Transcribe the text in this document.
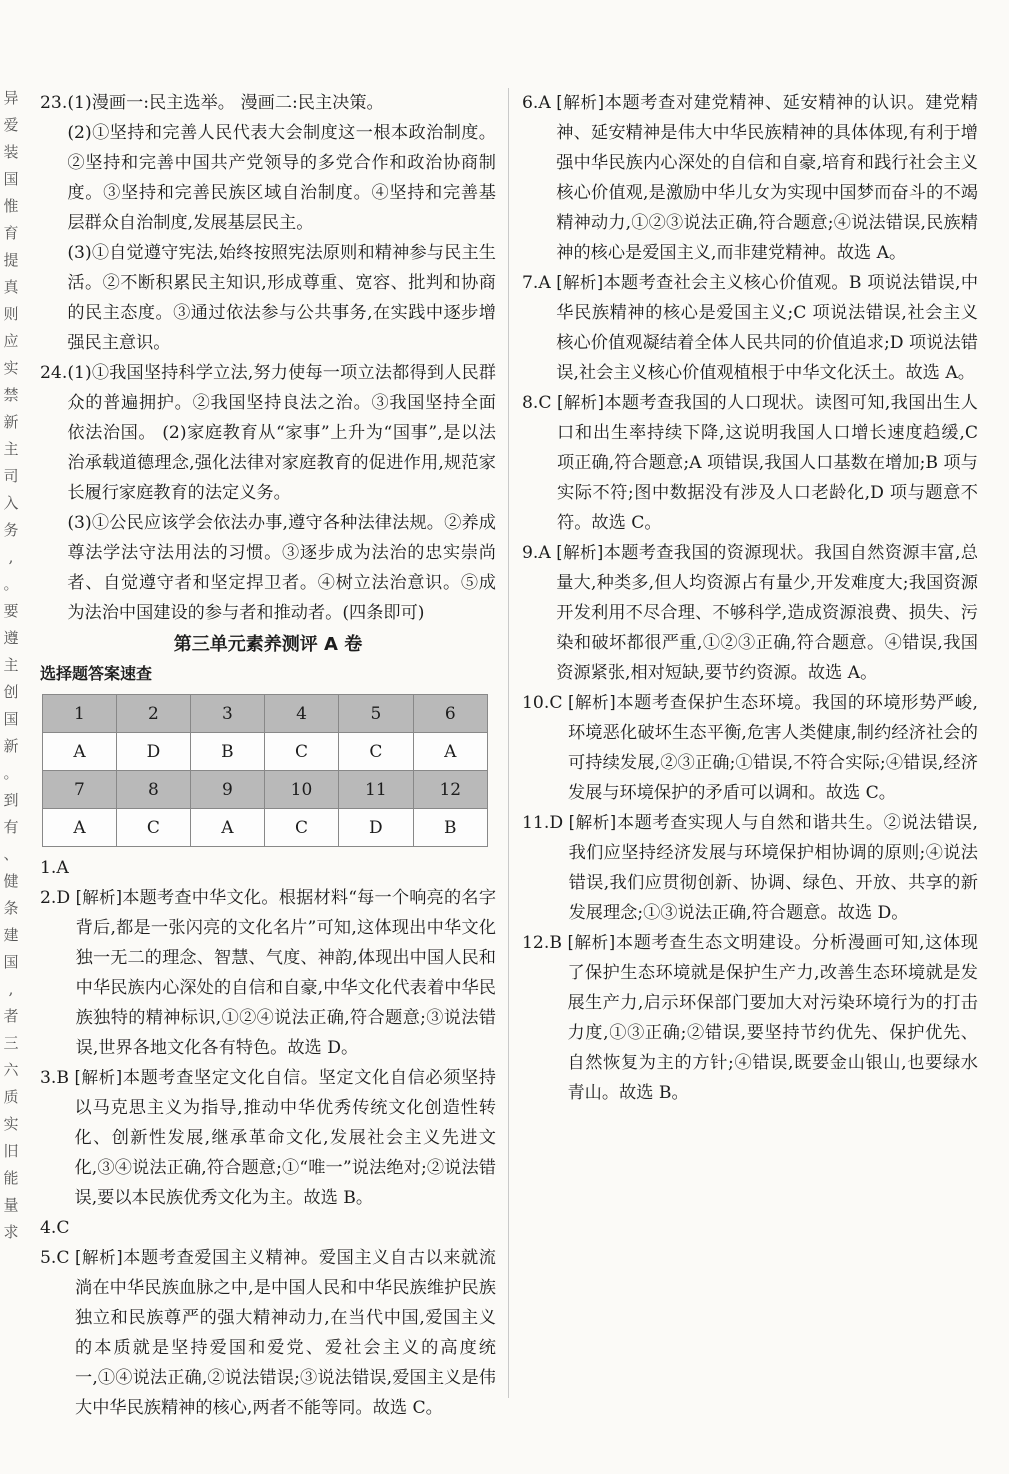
异
爱
装
国
惟
育
提
真
则
应
实
禁
新
主
司
入
务
,
。
要
遵
主
创
国
新
。
到
有
、
健
条
建
国
,
者
三
六
质
实
旧
能
量
求
23. (1)漫画一:民主选举。 漫画二:民主决策。

(2)①坚持和完善人民代表大会制度这一根本政治制度。②坚持和完善中国共产党领导的多党合作和政治协商制度。③坚持和完善民族区域自治制度。④坚持和完善基层群众自治制度,发展基层民主。

(3)①自觉遵守宪法,始终按照宪法原则和精神参与民主生活。②不断积累民主知识,形成尊重、宽容、批判和协商的民主态度。③通过依法参与公共事务,在实践中逐步增强民主意识。

24. (1)①我国坚持科学立法,努力使每一项立法都得到人民群众的普遍拥护。②我国坚持良法之治。③我国坚持全面依法治国。 (2)家庭教育从“家事”上升为“国事”,是以法治承载道德理念,强化法律对家庭教育的促进作用,规范家长履行家庭教育的法定义务。

(3)①公民应该学会依法办事,遵守各种法律法规。②养成尊法学法守法用法的习惯。③逐步成为法治的忠实崇尚者、自觉遵守者和坚定捍卫者。④树立法治意识。⑤成为法治中国建设的参与者和推动者。(四条即可)

第三单元素养测评 A 卷

选择题答案速查

1	2	3	4	5	6
A	D	B	C	C	A
7	8	9	10	11	12
A	C	A	C	D	B
1.A
2.D [解析]本题考查中华文化。根据材料“每一个响亮的名字背后,都是一张闪亮的文化名片”可知,这体现出中华文化独一无二的理念、智慧、气度、神韵,体现出中国人民和中华民族内心深处的自信和自豪,中华文化代表着中华民族独特的精神标识,①②④说法正确,符合题意;③说法错误,世界各地文化各有特色。故选 D。
3.B [解析]本题考查坚定文化自信。坚定文化自信必须坚持以马克思主义为指导,推动中华优秀传统文化创造性转化、创新性发展,继承革命文化,发展社会主义先进文化,③④说法正确,符合题意;①“唯一”说法绝对;②说法错误,要以本民族优秀文化为主。故选 B。
4.C
5.C [解析]本题考查爱国主义精神。爱国主义自古以来就流淌在中华民族血脉之中,是中国人民和中华民族维护民族独立和民族尊严的强大精神动力,在当代中国,爱国主义的本质就是坚持爱国和爱党、爱社会主义的高度统一,①④说法正确,②说法错误;③说法错误,爱国主义是伟大中华民族精神的核心,两者不能等同。故选 C。
6.A [解析]本题考查对建党精神、延安精神的认识。建党精神、延安精神是伟大中华民族精神的具体体现,有利于增强中华民族内心深处的自信和自豪,培育和践行社会主义核心价值观,是激励中华儿女为实现中国梦而奋斗的不竭精神动力,①②③说法正确,符合题意;④说法错误,民族精神的核心是爱国主义,而非建党精神。故选 A。
7.A [解析]本题考查社会主义核心价值观。B 项说法错误,中华民族精神的核心是爱国主义;C 项说法错误,社会主义核心价值观凝结着全体人民共同的价值追求;D 项说法错误,社会主义核心价值观植根于中华文化沃土。故选 A。
8.C [解析]本题考查我国的人口现状。读图可知,我国出生人口和出生率持续下降,这说明我国人口增长速度趋缓,C 项正确,符合题意;A 项错误,我国人口基数在增加;B 项与实际不符;图中数据没有涉及人口老龄化,D 项与题意不符。故选 C。
9.A [解析]本题考查我国的资源现状。我国自然资源丰富,总量大,种类多,但人均资源占有量少,开发难度大;我国资源开发利用不尽合理、不够科学,造成资源浪费、损失、污染和破坏都很严重,①②③正确,符合题意。④错误,我国资源紧张,相对短缺,要节约资源。故选 A。
10.C [解析]本题考查保护生态环境。我国的环境形势严峻,环境恶化破坏生态平衡,危害人类健康,制约经济社会的可持续发展,②③正确;①错误,不符合实际;④错误,经济发展与环境保护的矛盾可以调和。故选 C。
11.D [解析]本题考查实现人与自然和谐共生。②说法错误,我们应坚持经济发展与环境保护相协调的原则;④说法错误,我们应贯彻创新、协调、绿色、开放、共享的新发展理念;①③说法正确,符合题意。故选 D。
12.B [解析]本题考查生态文明建设。分析漫画可知,这体现了保护生态环境就是保护生产力,改善生态环境就是发展生产力,启示环保部门要加大对污染环境行为的打击力度,①③正确;②错误,要坚持节约优先、保护优先、自然恢复为主的方针;④错误,既要金山银山,也要绿水青山。故选 B。
